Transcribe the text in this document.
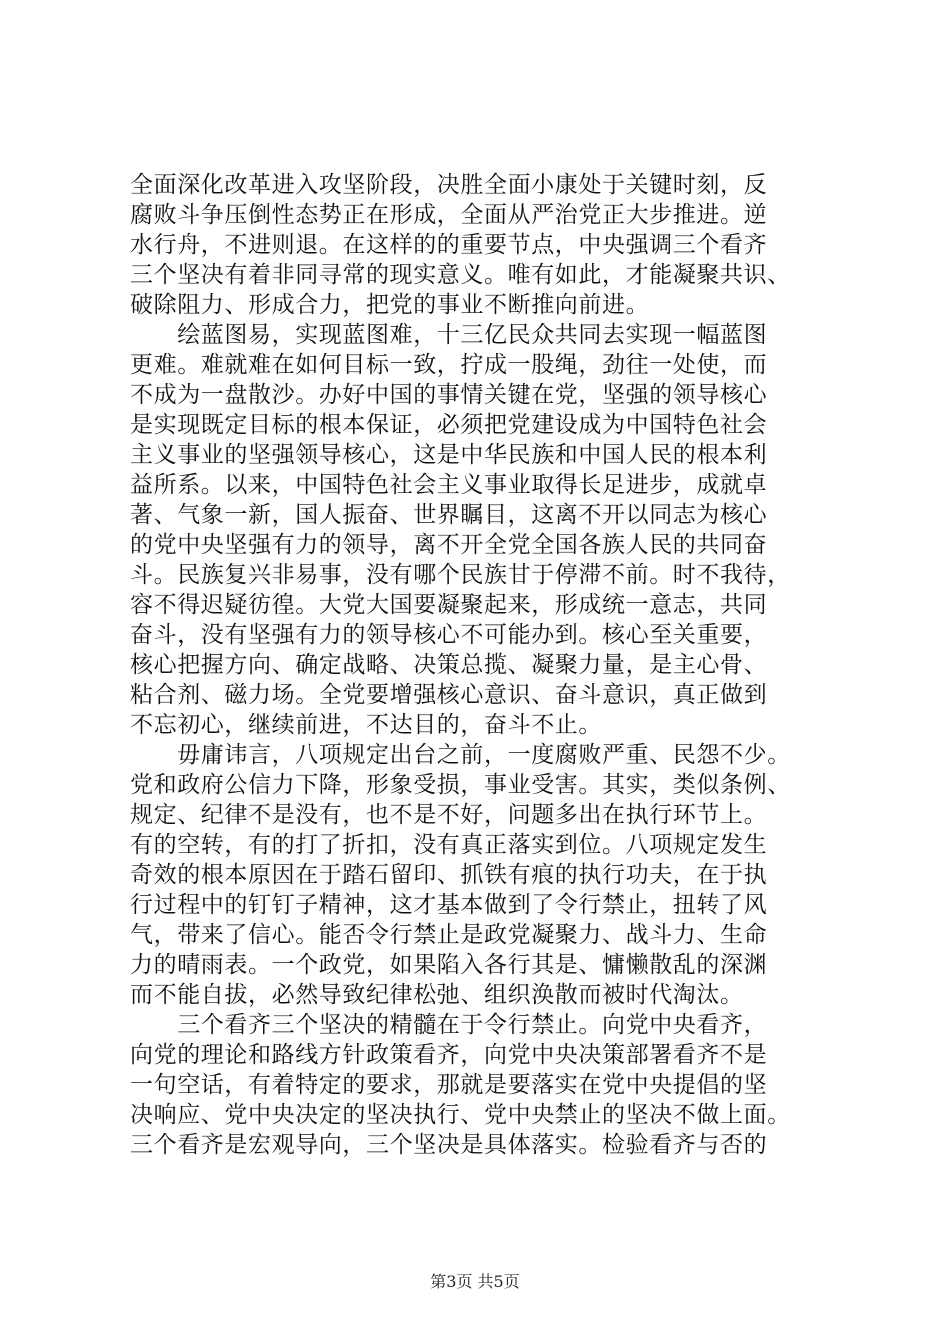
全面深化改革进入攻坚阶段，决胜全面小康处于关键时刻，反
腐败斗争压倒性态势正在形成，全面从严治党正大步推进。逆
水行舟，不进则退。在这样的的重要节点，中央强调三个看齐
三个坚决有着非同寻常的现实意义。唯有如此，才能凝聚共识、
破除阻力、形成合力，把党的事业不断推向前进。
　　绘蓝图易，实现蓝图难，十三亿民众共同去实现一幅蓝图
更难。难就难在如何目标一致，拧成一股绳，劲往一处使，而
不成为一盘散沙。办好中国的事情关键在党，坚强的领导核心
是实现既定目标的根本保证，必须把党建设成为中国特色社会
主义事业的坚强领导核心，这是中华民族和中国人民的根本利
益所系。以来，中国特色社会主义事业取得长足进步，成就卓
著、气象一新，国人振奋、世界瞩目，这离不开以同志为核心
的党中央坚强有力的领导，离不开全党全国各族人民的共同奋
斗。民族复兴非易事，没有哪个民族甘于停滞不前。时不我待，
容不得迟疑彷徨。大党大国要凝聚起来，形成统一意志，共同
奋斗，没有坚强有力的领导核心不可能办到。核心至关重要，
核心把握方向、确定战略、决策总揽、凝聚力量，是主心骨、
粘合剂、磁力场。全党要增强核心意识、奋斗意识，真正做到
不忘初心，继续前进，不达目的，奋斗不止。
　　毋庸讳言，八项规定出台之前，一度腐败严重、民怨不少。
党和政府公信力下降，形象受损，事业受害。其实，类似条例、
规定、纪律不是没有，也不是不好，问题多出在执行环节上。
有的空转，有的打了折扣，没有真正落实到位。八项规定发生
奇效的根本原因在于踏石留印、抓铁有痕的执行功夫，在于执
行过程中的钉钉子精神，这才基本做到了令行禁止，扭转了风
气，带来了信心。能否令行禁止是政党凝聚力、战斗力、生命
力的晴雨表。一个政党，如果陷入各行其是、慵懒散乱的深渊
而不能自拔，必然导致纪律松弛、组织涣散而被时代淘汰。
　　三个看齐三个坚决的精髓在于令行禁止。向党中央看齐，
向党的理论和路线方针政策看齐，向党中央决策部署看齐不是
一句空话，有着特定的要求，那就是要落实在党中央提倡的坚
决响应、党中央决定的坚决执行、党中央禁止的坚决不做上面。
三个看齐是宏观导向，三个坚决是具体落实。检验看齐与否的
第3页 共5页
